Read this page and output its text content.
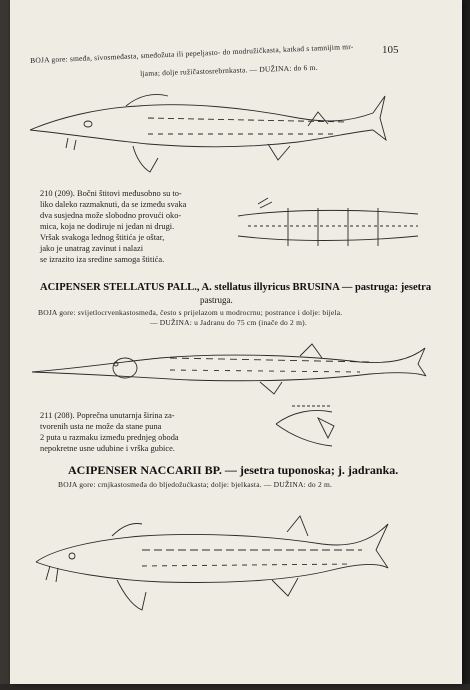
105
BOJA gore: smeđa, sivosmeđasta, smeđožuta ili pepeljasto- do modružičkasta, katkad s tamnijim mr-
ljama; dolje ružičastosrebrnkasta. — DUŽINA: do 6 m.
210 (209). Bočni štitovi međusobno su to-
liko daleko razmaknuti, da se između svaka
dva susjedna može slobodno provući oko-
mica, koja ne dodiruje ni jedan ni drugi.
Vršak svakoga lednog štitića je oštar,
jako je unatrag zavinut i nalazi
se izrazito iza sredine samoga štitića.
ACIPENSER STELLATUS PALL., A. stellatus illyricus BRUSINA — pastruga: jesetra
pastruga.
BOJA gore: svijetlocrvenkastosmeđa, često s prijelazom u modrocrnu; postrance i dolje: bijela.
— DUŽINA: u Jadranu do 75 cm (inače do 2 m).
211 (208). Poprečna unutarnja širina za-
tvorenih usta ne može da stane puna
2 puta u razmaku između prednjeg oboda
nepokretne usne udubine i vrška gubice.
ACIPENSER NACCARII BP. — jesetra tuponoska; j. jadranka.
BOJA gore: crnjkastosmeđa do bljedožućkasta; dolje: bjelkasta. — DUŽINA: do 2 m.
